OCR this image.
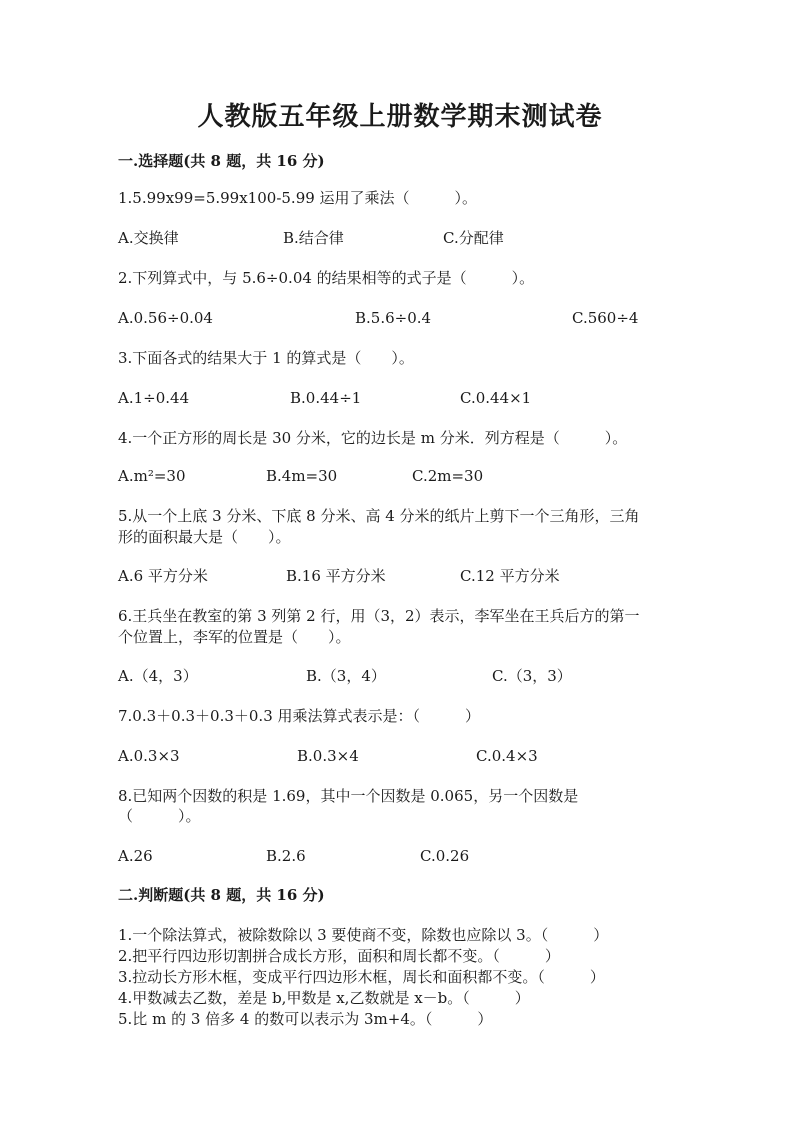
人教版五年级上册数学期末测试卷
一.选择题(共 8 题，共 16 分)
1.5.99x99=5.99x100-5.99 运用了乘法（　　　）。
A.交换律	B.结合律	C.分配律
2.下列算式中，与 5.6÷0.04 的结果相等的式子是（　　　）。
A.0.56÷0.04	B.5.6÷0.4	C.560÷4
3.下面各式的结果大于 1 的算式是（　　）。
A.1÷0.44	B.0.44÷1	C.0.44×1
4.一个正方形的周长是 30 分米，它的边长是 m 分米．列方程是（　　　）。
A.m²=30	B.4m=30	C.2m=30
5.从一个上底 3 分米、下底 8 分米、高 4 分米的纸片上剪下一个三角形，三角
形的面积最大是（　　）。
A.6 平方分米	B.16 平方分米	C.12 平方分米
6.王兵坐在教室的第 3 列第 2 行，用（3，2）表示，李军坐在王兵后方的第一
个位置上，李军的位置是（　　）。
A.（4，3）	B.（3，4）	C.（3，3）
7.0.3＋0.3＋0.3＋0.3 用乘法算式表示是：（　　　）
A.0.3×3	B.0.3×4	C.0.4×3
8.已知两个因数的积是 1.69，其中一个因数是 0.065，另一个因数是
（　　　）。
A.26	B.2.6	C.0.26
二.判断题(共 8 题，共 16 分)
1.一个除法算式，被除数除以 3 要使商不变，除数也应除以 3。（　　　）
2.把平行四边形切割拼合成长方形，面积和周长都不变。（　　　）
3.拉动长方形木框，变成平行四边形木框，周长和面积都不变。（　　　）
4.甲数减去乙数，差是 b,甲数是 x,乙数就是 x－b。（　　　）
5.比 m 的 3 倍多 4 的数可以表示为 3m+4。（　　　）
